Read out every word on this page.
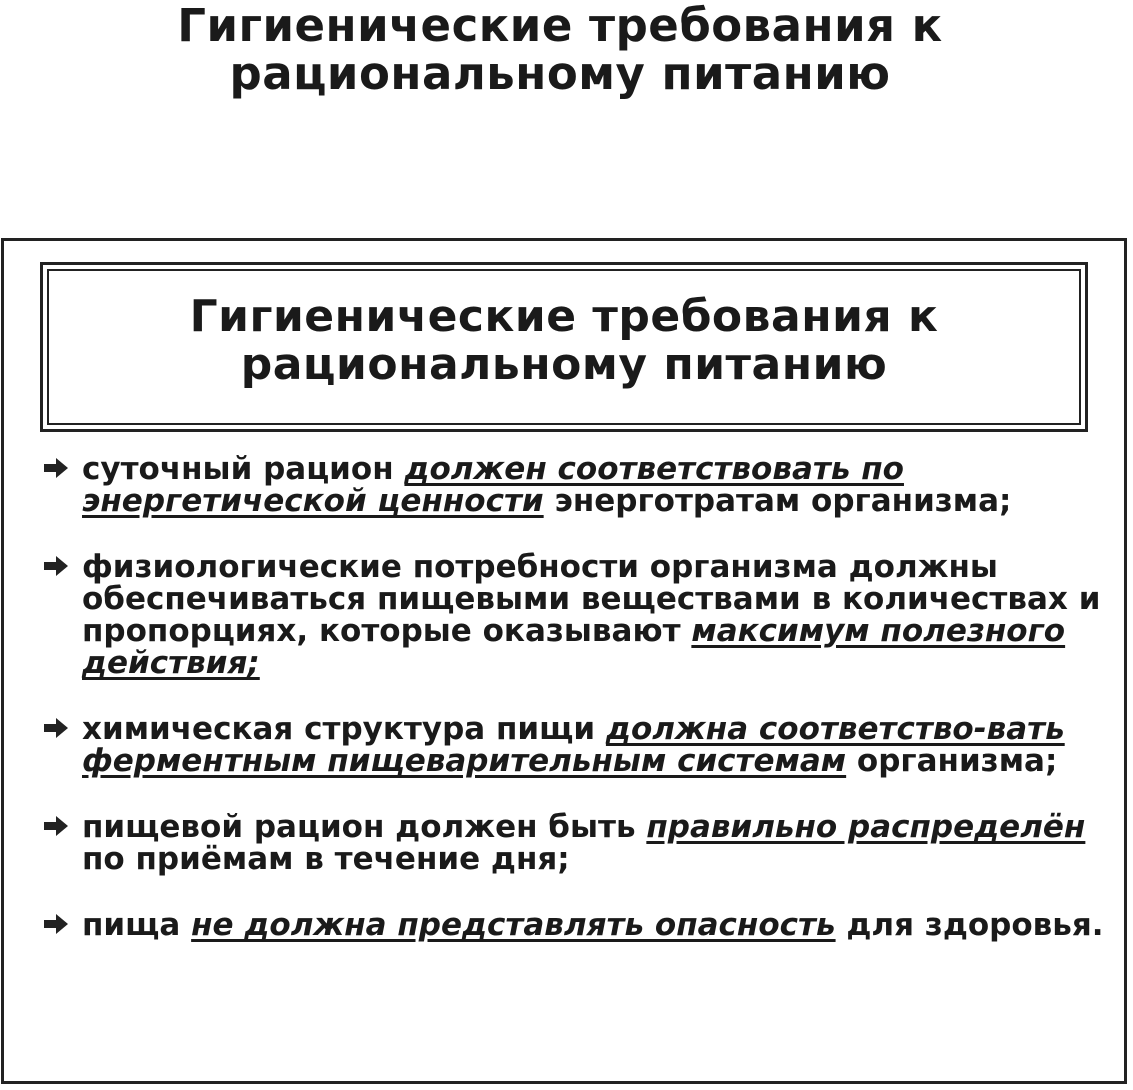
Гигиенические требования к
рациональному питанию
Гигиенические требования к
рациональному питанию
суточный рацион должен соответствовать по энергетической ценности энерготратам организма;
физиологические потребности организма должны обеспечиваться пищевыми веществами в количествах и пропорциях, которые оказывают максимум полезного действия;
химическая структура пищи должна соответство-вать ферментным пищеварительным системам организма;
пищевой рацион должен быть правильно распределён по приёмам в течение дня;
пища не должна представлять опасность для здоровья.
